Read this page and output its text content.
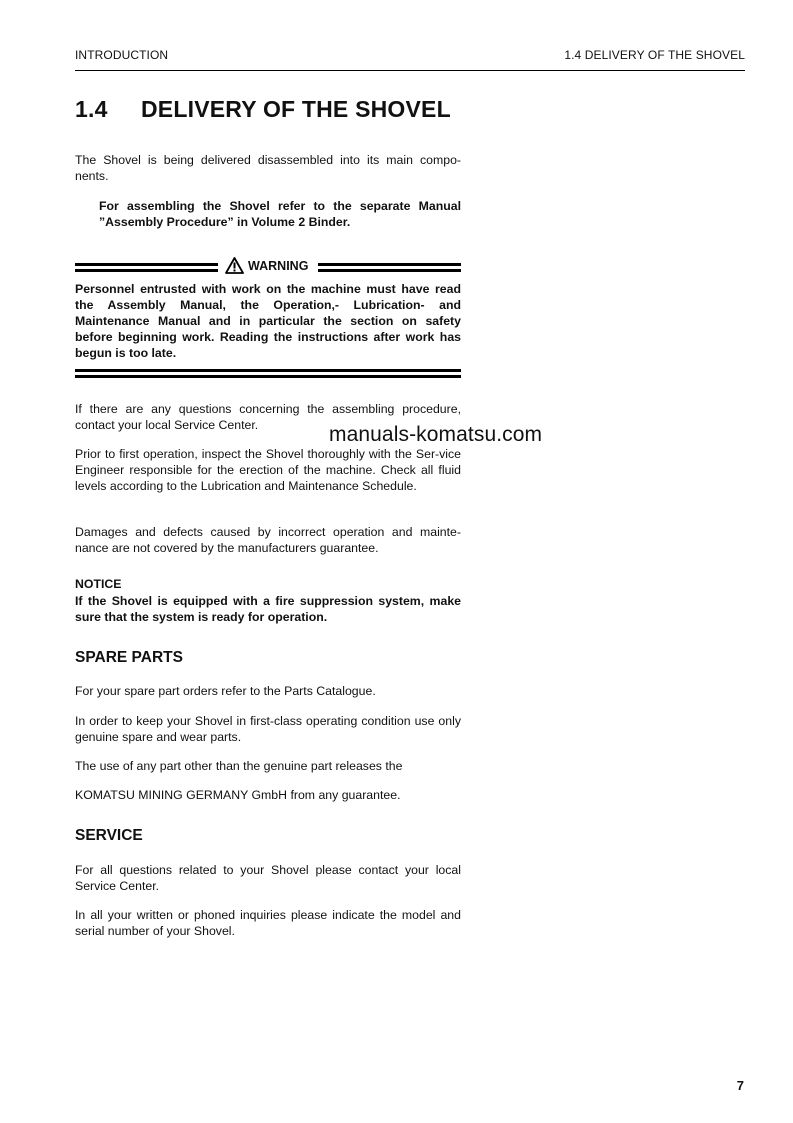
INTRODUCTION	1.4 DELIVERY OF THE SHOVEL
1.4 DELIVERY OF THE SHOVEL
The Shovel is being delivered disassembled into its main compo-nents.
For assembling the Shovel refer to the separate Manual ”Assembly Procedure” in Volume 2 Binder.
WARNING
Personnel entrusted with work on the machine must have read the Assembly Manual, the Operation,- Lubrication- and Maintenance Manual and in particular the section on safety before beginning work. Reading the instructions after work has begun is too late.
If there are any questions concerning the assembling procedure, contact your local Service Center.
Prior to first operation, inspect the Shovel thoroughly with the Ser-vice Engineer responsible for the erection of the machine. Check all fluid levels according to the Lubrication and Maintenance Schedule.
Damages and defects caused by incorrect operation and mainte-nance are not covered by the manufacturers guarantee.
NOTICE
If the Shovel is equipped with a fire suppression system, make sure that the system is ready for operation.
SPARE PARTS
For your spare part orders refer to the Parts Catalogue.
In order to keep your Shovel in first-class operating condition use only genuine spare and wear parts.
The use of any part other than the genuine part releases the
KOMATSU MINING GERMANY GmbH from any guarantee.
SERVICE
For all questions related to your Shovel please contact your local Service Center.
In all your written or phoned inquiries please indicate the model and serial number of your Shovel.
manuals-komatsu.com
7
